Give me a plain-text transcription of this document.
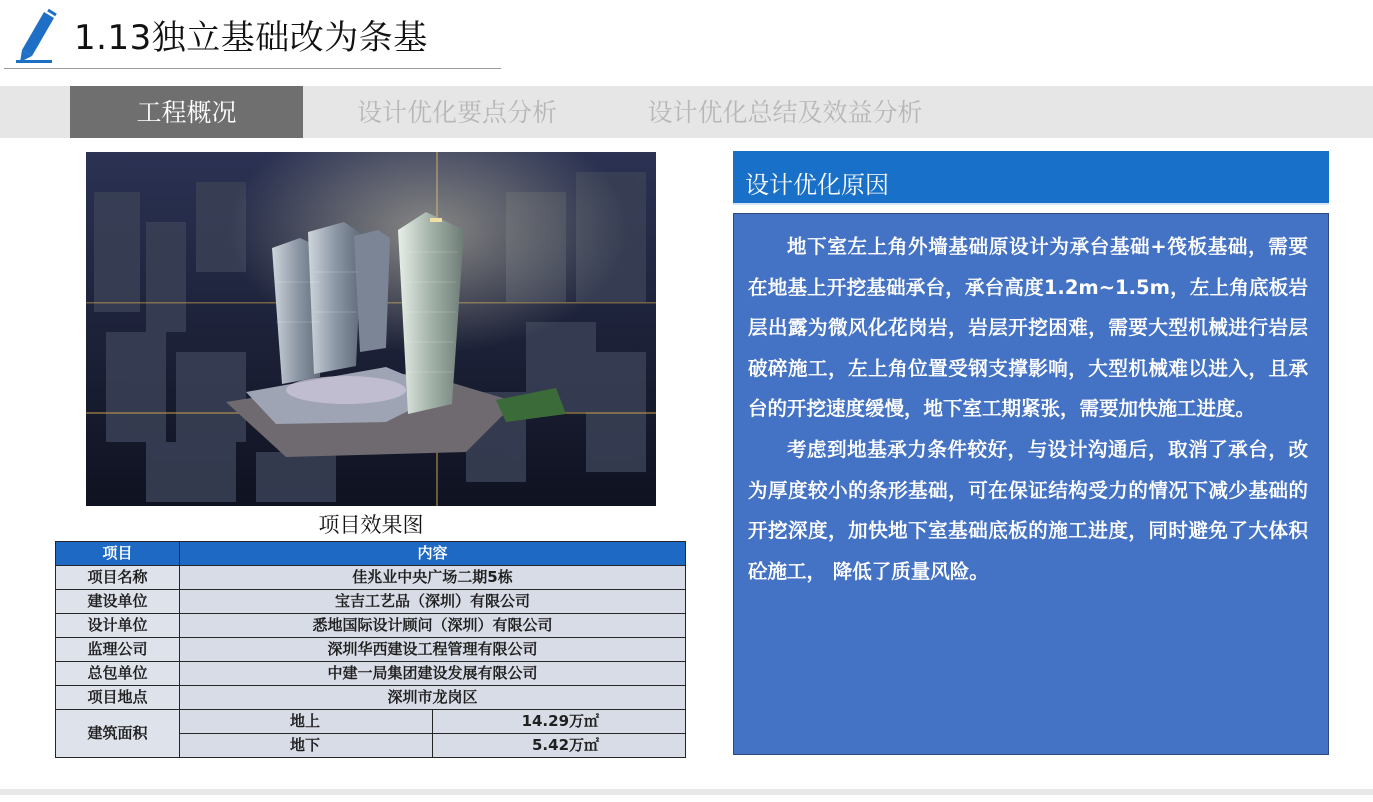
1.13独立基础改为条基
工程概况	设计优化要点分析	设计优化总结及效益分析
项目效果图
项目	内容	
项目名称	佳兆业中央广场二期5栋	
建设单位	宝吉工艺品（深圳）有限公司	
设计单位	悉地国际设计顾问（深圳）有限公司	
监理公司	深圳华西建设工程管理有限公司	
总包单位	中建一局集团建设发展有限公司	
项目地点	深圳市龙岗区	
建筑面积	地上	14.29万㎡
	地下	5.42万㎡
设计优化原因

地下室左上角外墙基础原设计为承台基础+筏板基础，需要在地基上开挖基础承台，承台高度1.2m~1.5m，左上角底板岩层出露为微风化花岗岩，岩层开挖困难，需要大型机械进行岩层破碎施工，左上角位置受钢支撑影响，大型机械难以进入，且承台的开挖速度缓慢，地下室工期紧张，需要加快施工进度。

考虑到地基承力条件较好，与设计沟通后，取消了承台，改为厚度较小的条形基础，可在保证结构受力的情况下减少基础的开挖深度，加快地下室基础底板的施工进度，同时避免了大体积砼施工， 降低了质量风险。
